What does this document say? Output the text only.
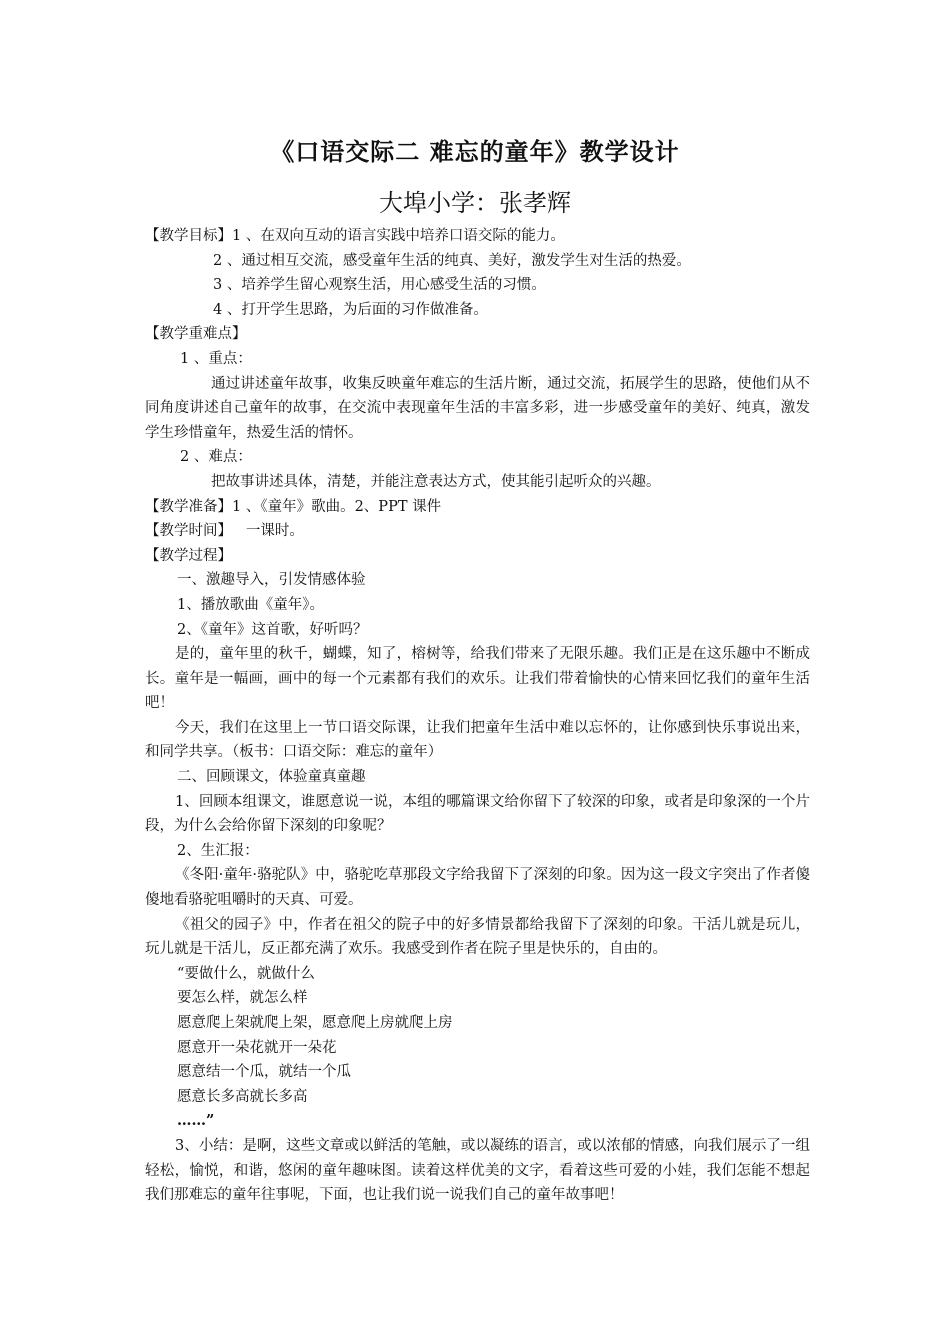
《口语交际二 难忘的童年》教学设计
大埠小学：张孝辉

【教学目标】1 、在双向互动的语言实践中培养口语交际的能力。

2 、通过相互交流，感受童年生活的纯真、美好，激发学生对生活的热爱。

3 、培养学生留心观察生活，用心感受生活的习惯。

4 、打开学生思路，为后面的习作做准备。

【教学重难点】

1 、重点：

通过讲述童年故事，收集反映童年难忘的生活片断，通过交流，拓展学生的思路，使他们从不同角度讲述自己童年的故事，在交流中表现童年生活的丰富多彩，进一步感受童年的美好、纯真，激发学生珍惜童年，热爱生活的情怀。

2 、难点：

把故事讲述具体，清楚，并能注意表达方式，使其能引起听众的兴趣。

【教学准备】1 、《童年》歌曲。2、PPT 课件

【教学时间】 一课时。

【教学过程】

一、激趣导入，引发情感体验

1、播放歌曲《童年》。

2、《童年》这首歌，好听吗？

是的，童年里的秋千，蝴蝶，知了，榕树等，给我们带来了无限乐趣。我们正是在这乐趣中不断成长。童年是一幅画，画中的每一个元素都有我们的欢乐。让我们带着愉快的心情来回忆我们的童年生活吧！

今天，我们在这里上一节口语交际课，让我们把童年生活中难以忘怀的，让你感到快乐事说出来，和同学共享。（板书：口语交际：难忘的童年）

二、回顾课文，体验童真童趣

1、回顾本组课文，谁愿意说一说，本组的哪篇课文给你留下了较深的印象，或者是印象深的一个片段，为什么会给你留下深刻的印象呢？

2、生汇报：

《冬阳·童年·骆驼队》中，骆驼吃草那段文字给我留下了深刻的印象。因为这一段文字突出了作者傻傻地看骆驼咀嚼时的天真、可爱。

《祖父的园子》中，作者在祖父的院子中的好多情景都给我留下了深刻的印象。干活儿就是玩儿，玩儿就是干活儿，反正都充满了欢乐。我感受到作者在院子里是快乐的，自由的。

“要做什么，就做什么

要怎么样，就怎么样

愿意爬上架就爬上架，愿意爬上房就爬上房

愿意开一朵花就开一朵花

愿意结一个瓜，就结一个瓜

愿意长多高就长多高

……”

3、小结：是啊，这些文章或以鲜活的笔触，或以凝练的语言，或以浓郁的情感，向我们展示了一组轻松，愉悦，和谐，悠闲的童年趣味图。读着这样优美的文字，看着这些可爱的小娃，我们怎能不想起我们那难忘的童年往事呢，下面，也让我们说一说我们自己的童年故事吧！
